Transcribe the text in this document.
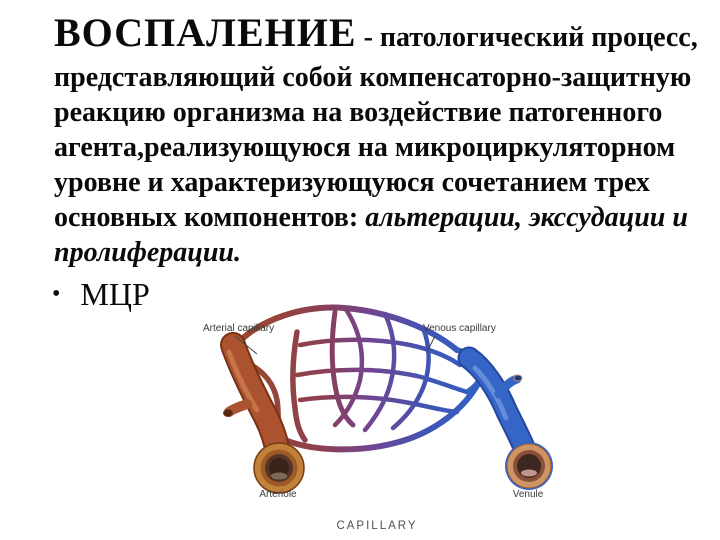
ВОСПАЛЕНИЕ - патологический процесс,
представляющий собой компенсаторно-защитную
реакцию организма на воздействие патогенного
агента,реализующуюся на микроциркуляторном
уровне и характеризующуюся сочетанием трех
основных компонентов: альтерации, экссудации и
пролиферации.
• МЦР
Arterial capillary	Venous capillary
Arteriole	Venule
CAPILLARY
